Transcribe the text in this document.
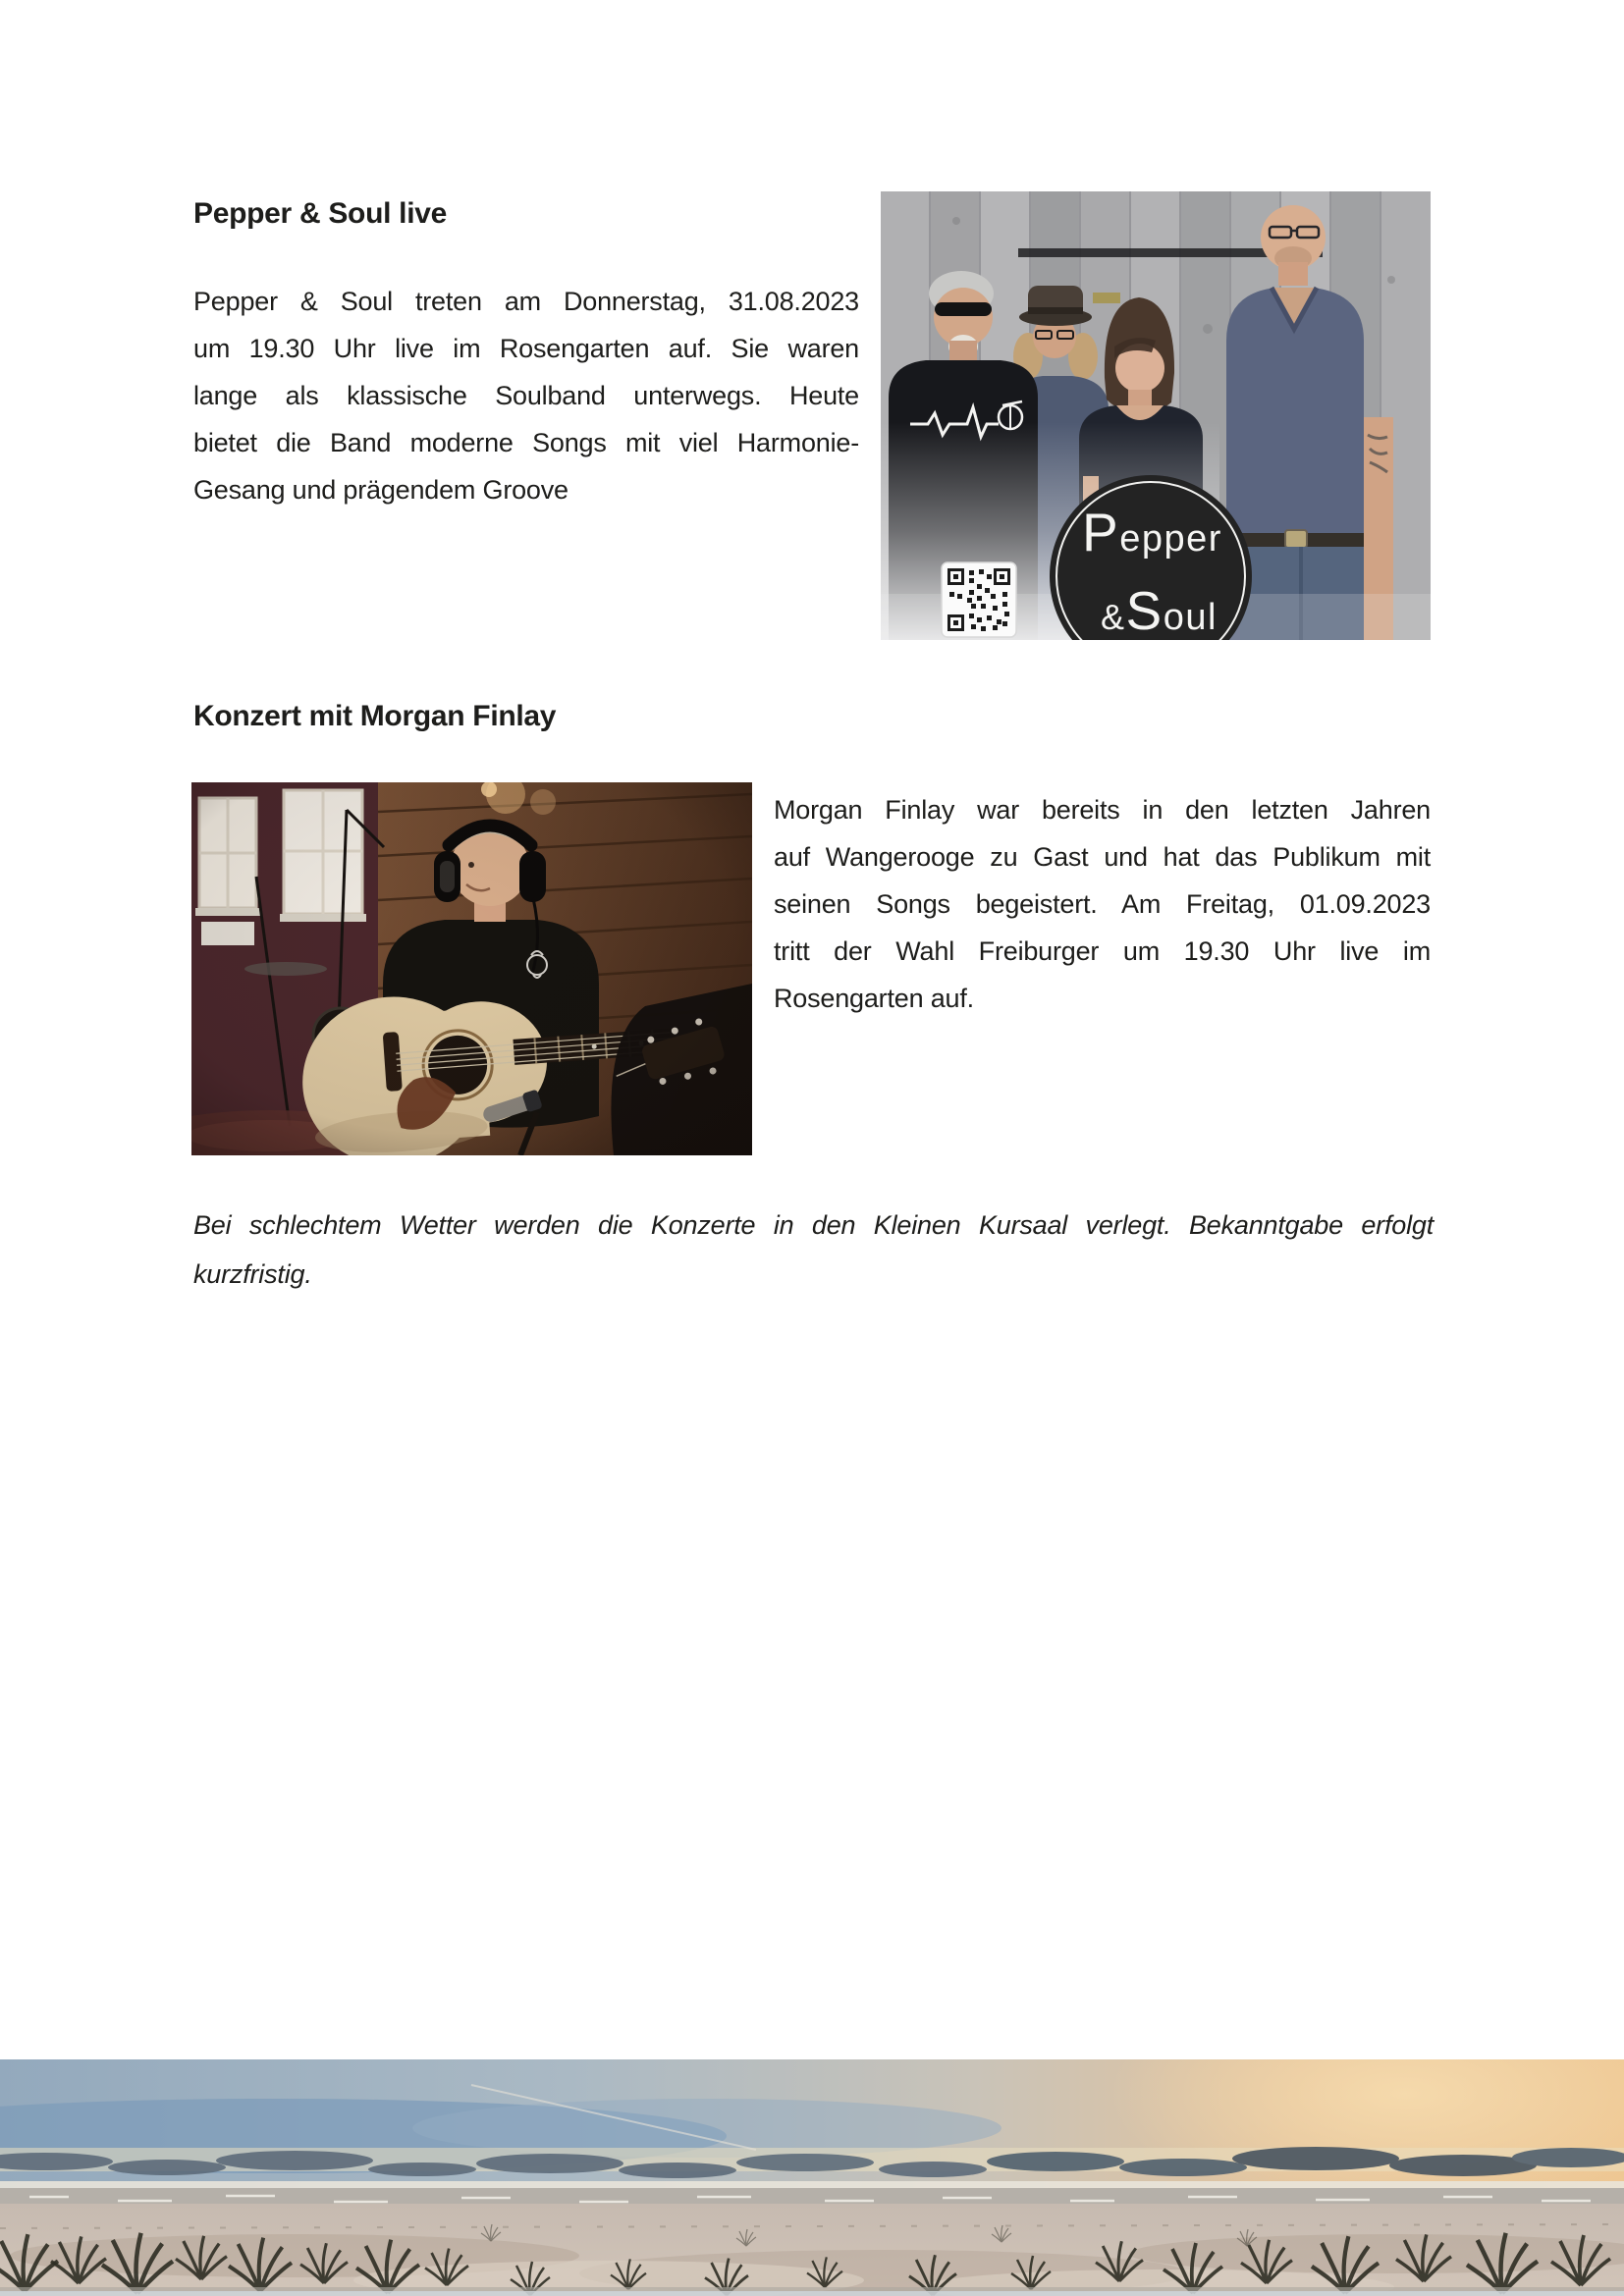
Pepper & Soul live
Pepper & Soul treten am Donnerstag, 31.08.2023
um 19.30 Uhr live im Rosengarten auf. Sie waren
lange als klassische Soulband unterwegs. Heute
bietet die Band moderne Songs mit viel Harmonie-
Gesang und prägendem Groove
Pepper
&Soul
Konzert mit Morgan Finlay
Morgan Finlay war bereits in den letzten Jahren
auf Wangerooge zu Gast und hat das Publikum mit
seinen Songs begeistert. Am Freitag, 01.09.2023
tritt der Wahl Freiburger um 19.30 Uhr live im
Rosengarten auf.
Bei schlechtem Wetter werden die Konzerte in den Kleinen Kursaal verlegt. Bekanntgabe erfolgt
kurzfristig.
